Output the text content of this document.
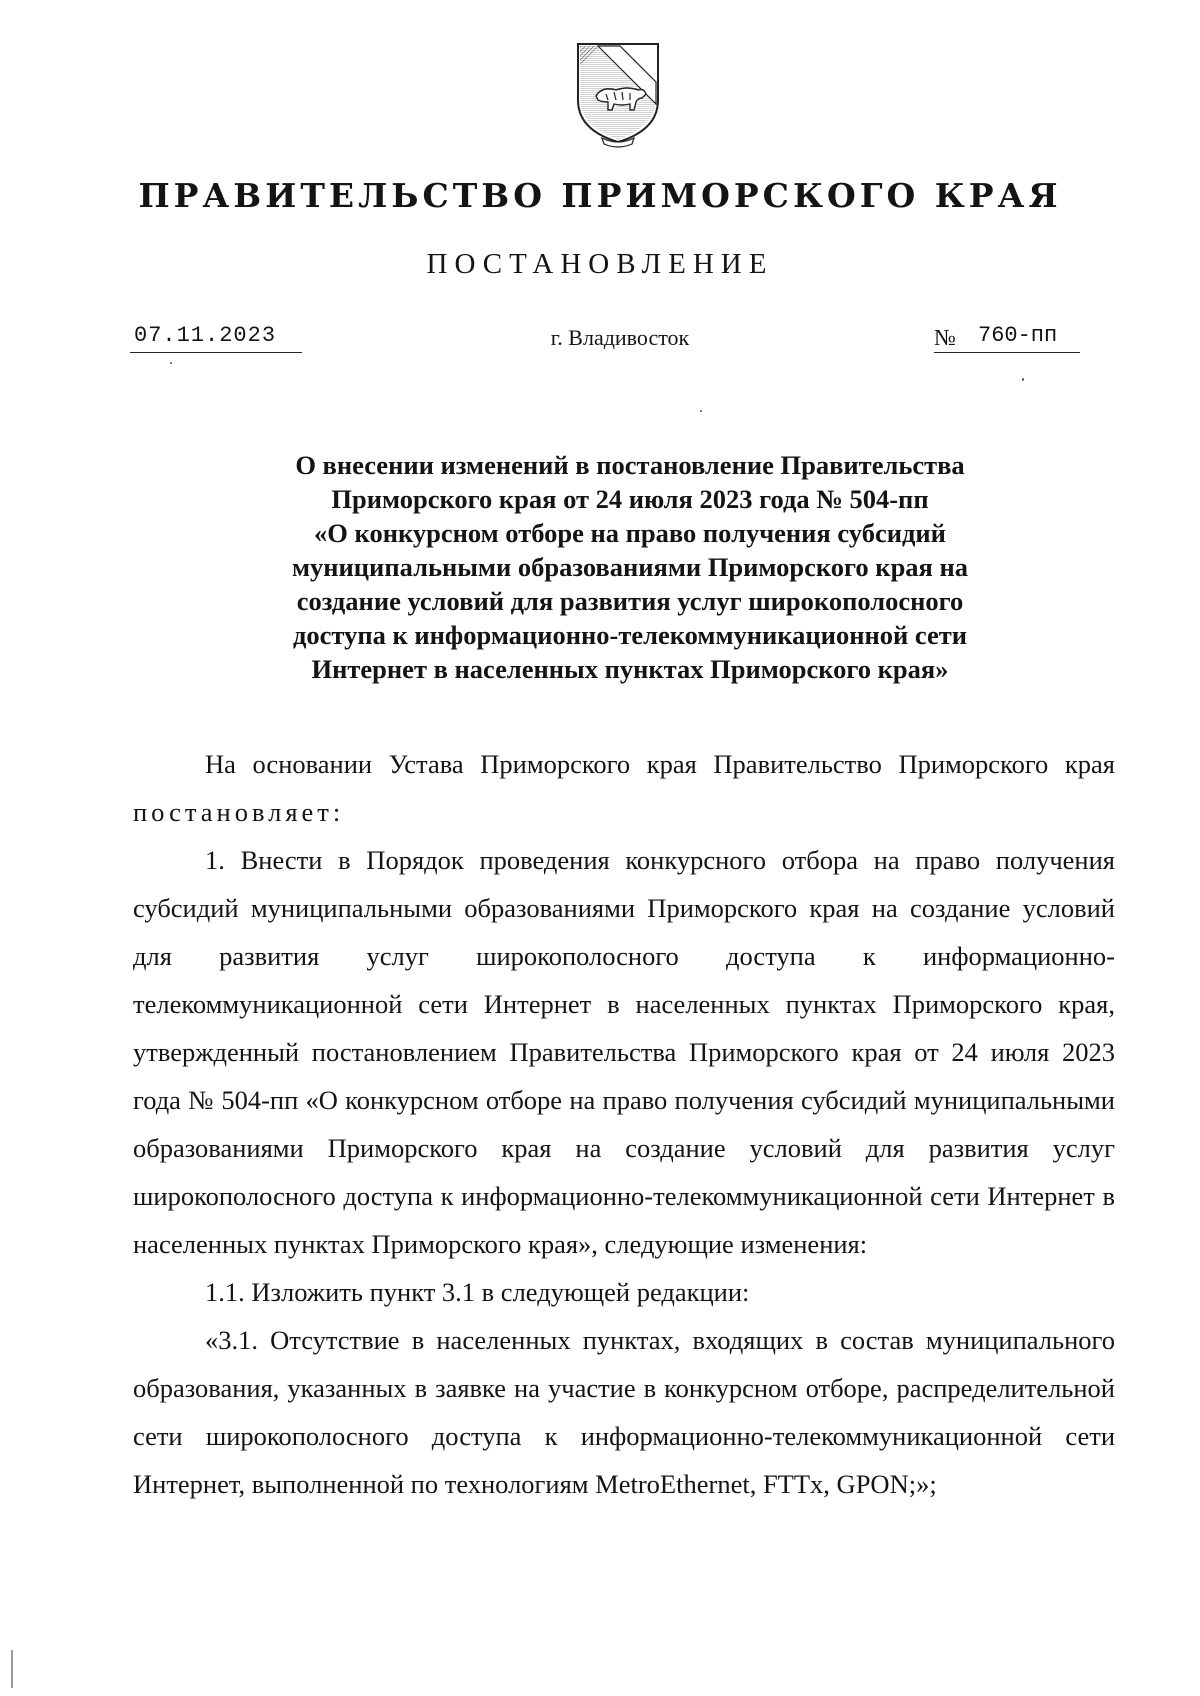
ПРАВИТЕЛЬСТВО ПРИМОРСКОГО КРАЯ
ПОСТАНОВЛЕНИЕ
07.11.2023	г. Владивосток	№ 760-пп
О внесении изменений в постановление Правительства
Приморского края от 24 июля 2023 года № 504-пп
«О конкурсном отборе на право получения субсидий
муниципальными образованиями Приморского края на
создание условий для развития услуг широкополосного
доступа к информационно-телекоммуникационной сети
Интернет в населенных пунктах Приморского края»

На основании Устава Приморского края Правительство Приморского края постановляет:

1. Внести в Порядок проведения конкурсного отбора на право получения субсидий муниципальными образованиями Приморского края на создание условий для развития услуг широкополосного доступа к информационно-телекоммуникационной сети Интернет в населенных пунктах Приморского края, утвержденный постановлением Правительства Приморского края от 24 июля 2023 года № 504-пп «О конкурсном отборе на право получения субсидий муниципальными образованиями Приморского края на создание условий для развития услуг широкополосного доступа к информационно-телекоммуникационной сети Интернет в населенных пунктах Приморского края», следующие изменения:

1.1. Изложить пункт 3.1 в следующей редакции:

«3.1. Отсутствие в населенных пунктах, входящих в состав муниципального образования, указанных в заявке на участие в конкурсном отборе, распределительной сети широкополосного доступа к информационно-телекоммуникационной сети Интернет, выполненной по технологиям MetroEthernet, FTTx, GPON;»;
